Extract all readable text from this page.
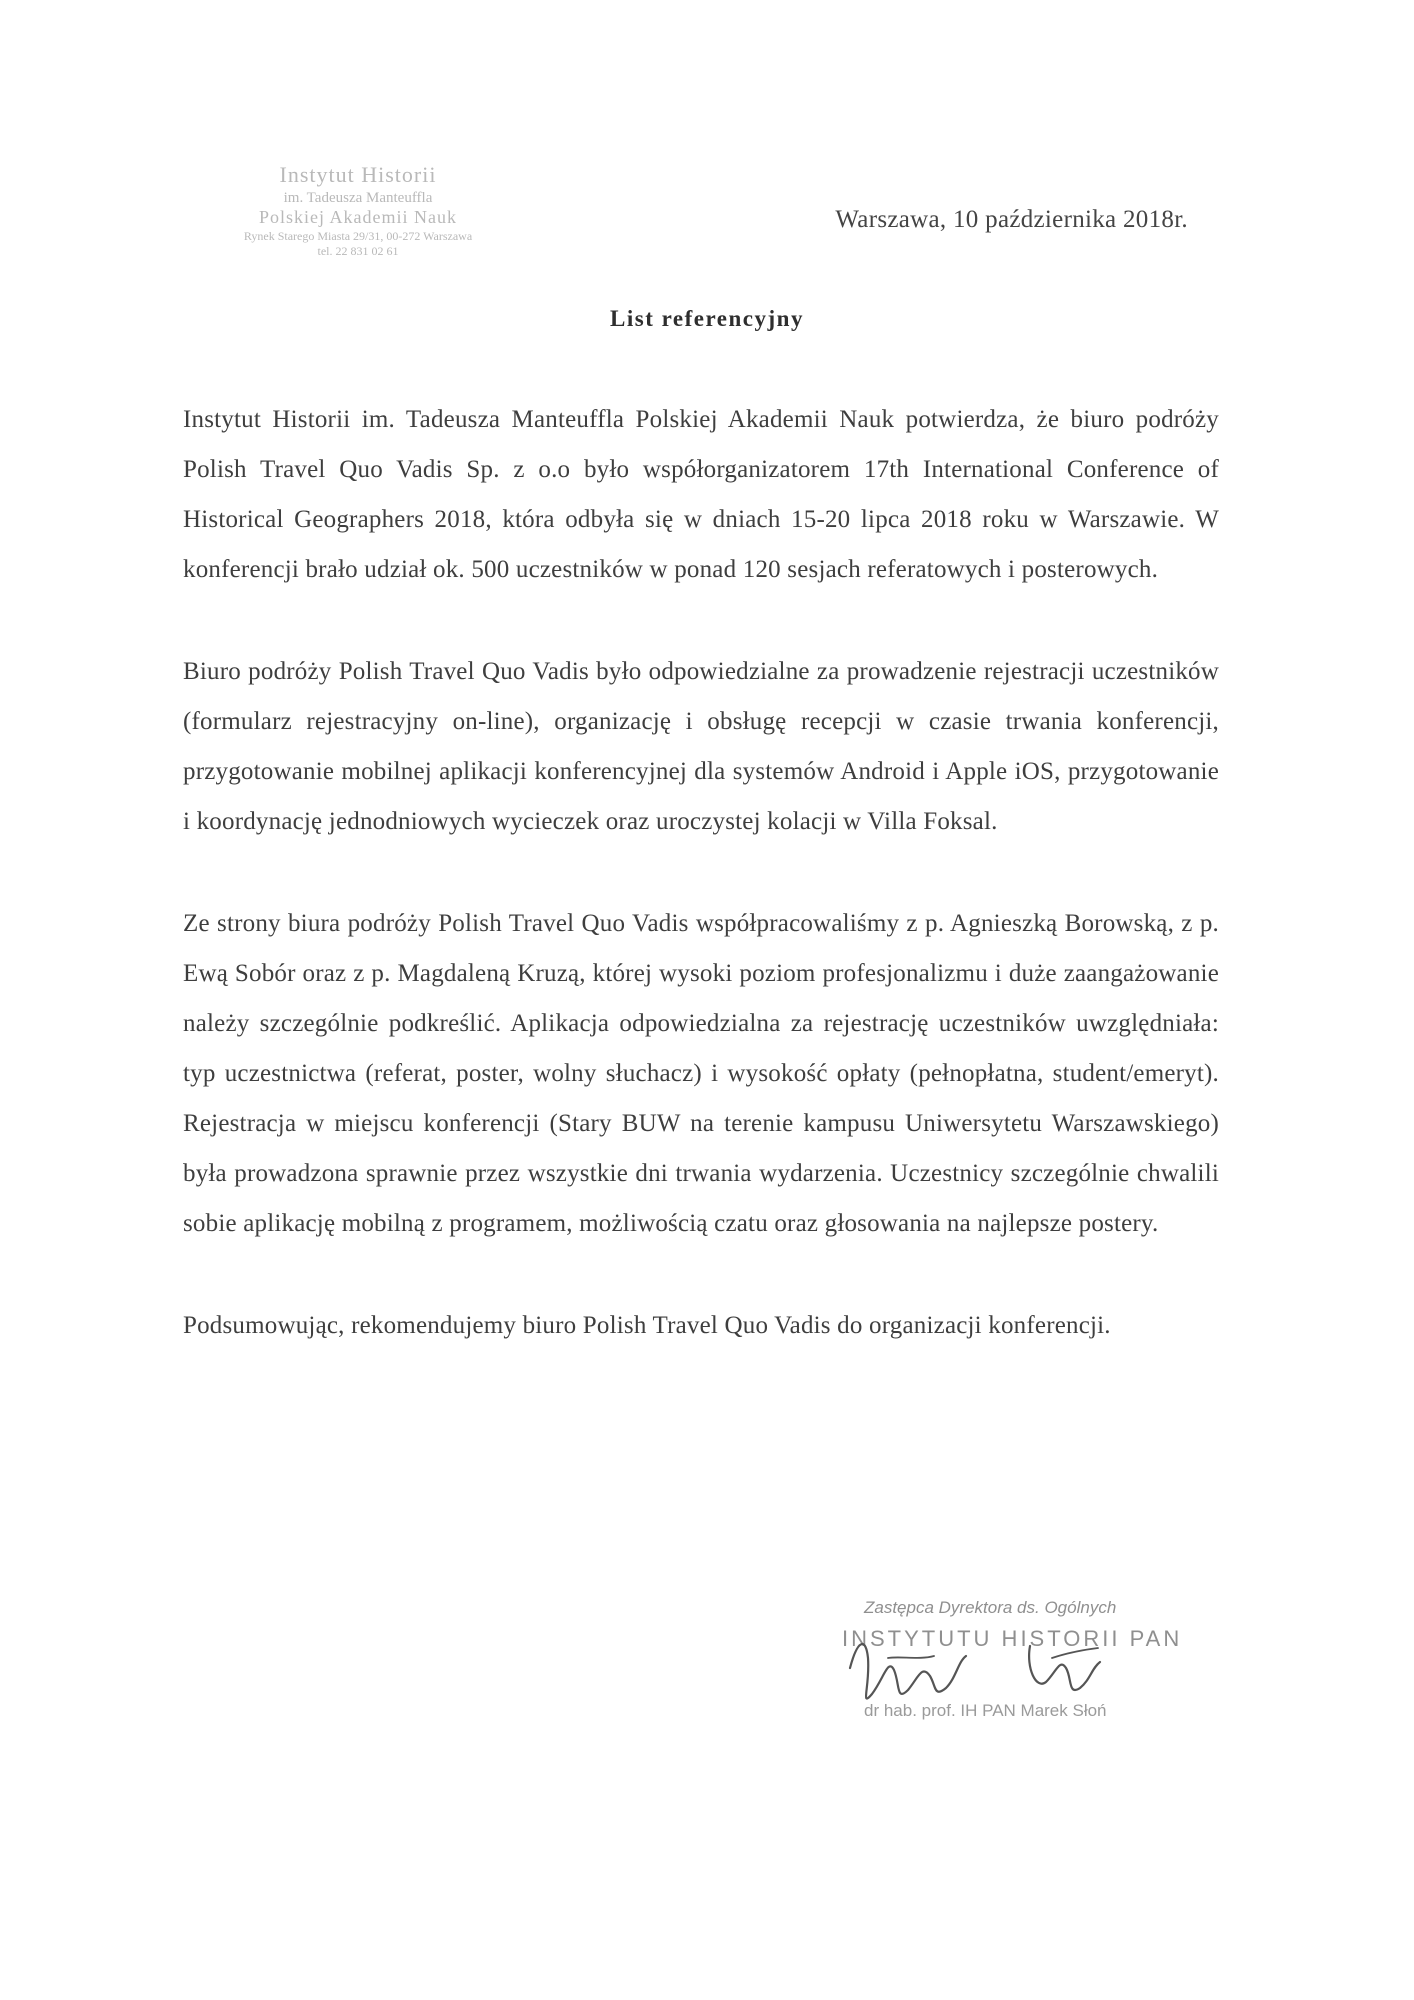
Instytut Historii
im. Tadeusza Manteuffla
Polskiej Akademii Nauk
Rynek Starego Miasta 29/31, 00-272 Warszawa
tel. 22 831 02 61
Warszawa, 10 października 2018r.
List referencyjny

Instytut Historii im. Tadeusza Manteuffla Polskiej Akademii Nauk potwierdza, że biuro podróży Polish Travel Quo Vadis Sp. z o.o było współorganizatorem 17th International Conference of Historical Geographers 2018, która odbyła się w dniach 15-20 lipca 2018 roku w Warszawie. W konferencji brało udział ok. 500 uczestników w ponad 120 sesjach referatowych i posterowych.

Biuro podróży Polish Travel Quo Vadis było odpowiedzialne za prowadzenie rejestracji uczestników (formularz rejestracyjny on-line), organizację i obsługę recepcji w czasie trwania konferencji, przygotowanie mobilnej aplikacji konferencyjnej dla systemów Android i Apple iOS, przygotowanie i koordynację jednodniowych wycieczek oraz uroczystej kolacji w Villa Foksal.

Ze strony biura podróży Polish Travel Quo Vadis współpracowaliśmy z p. Agnieszką Borowską, z p. Ewą Sobór oraz z p. Magdaleną Kruzą, której wysoki poziom profesjonalizmu i duże zaangażowanie należy szczególnie podkreślić. Aplikacja odpowiedzialna za rejestrację uczestników uwzględniała: typ uczestnictwa (referat, poster, wolny słuchacz) i wysokość opłaty (pełnopłatna, student/emeryt). Rejestracja w miejscu konferencji (Stary BUW na terenie kampusu Uniwersytetu Warszawskiego) była prowadzona sprawnie przez wszystkie dni trwania wydarzenia. Uczestnicy szczególnie chwalili sobie aplikację mobilną z programem, możliwością czatu oraz głosowania na najlepsze postery.

Podsumowując, rekomendujemy biuro Polish Travel Quo Vadis do organizacji konferencji.

Zastępca Dyrektora ds. Ogólnych
INSTYTUTU HISTORII PAN
dr hab. prof. IH PAN Marek Słoń
